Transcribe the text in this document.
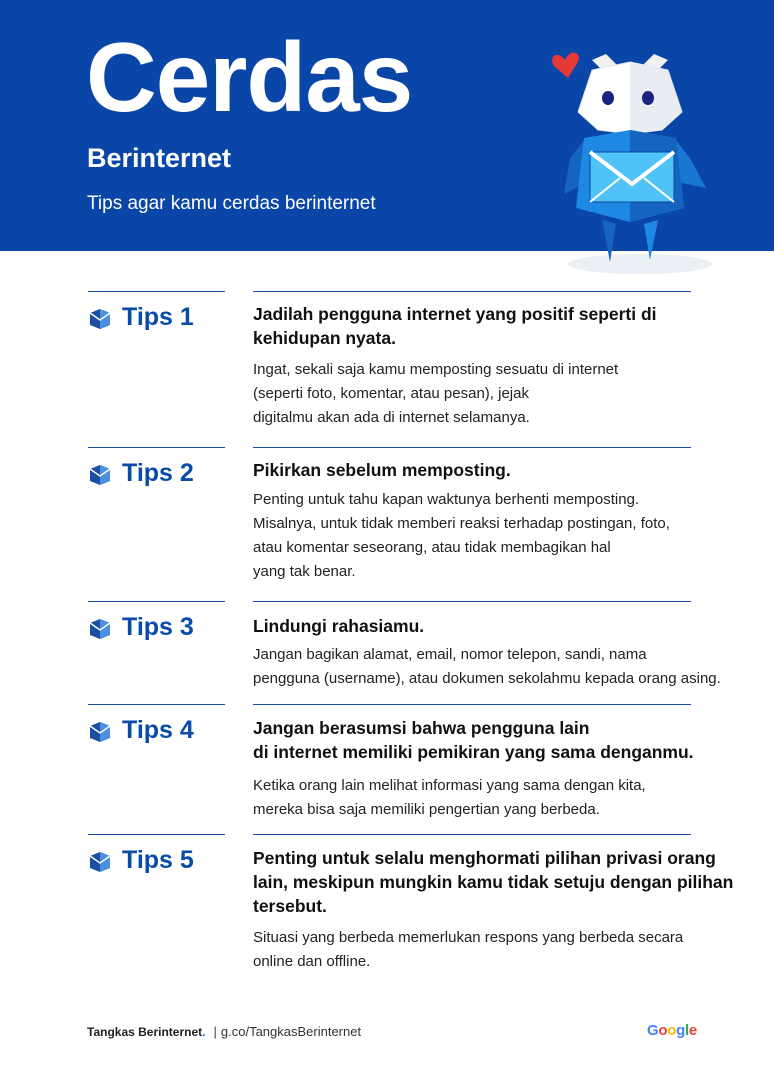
Cerdas
Berinternet

Tips agar kamu cerdas berinternet

Tips 1	Jadilah pengguna internet yang positif seperti di
kehidupan nyata.

Ingat, sekali saja kamu memposting sesuatu di internet
(seperti foto, komentar, atau pesan), jejak
digitalmu akan ada di internet selamanya.

Tips 2	Pikirkan sebelum memposting.

Penting untuk tahu kapan waktunya berhenti memposting.
Misalnya, untuk tidak memberi reaksi terhadap postingan, foto,
atau komentar seseorang, atau tidak membagikan hal
yang tak benar.

Tips 3	Lindungi rahasiamu.

Jangan bagikan alamat, email, nomor telepon, sandi, nama
pengguna (username), atau dokumen sekolahmu kepada orang asing.

Tips 4	Jangan berasumsi bahwa pengguna lain
di internet memiliki pemikiran yang sama denganmu.

Ketika orang lain melihat informasi yang sama dengan kita,
mereka bisa saja memiliki pengertian yang berbeda.

Tips 5	Penting untuk selalu menghormati pilihan privasi orang
lain, meskipun mungkin kamu tidak setuju dengan pilihan
tersebut.

Situasi yang berbeda memerlukan respons yang berbeda secara
online dan offline.

Tangkas Berinternet . | g.co/TangkasBerinternet	Google
